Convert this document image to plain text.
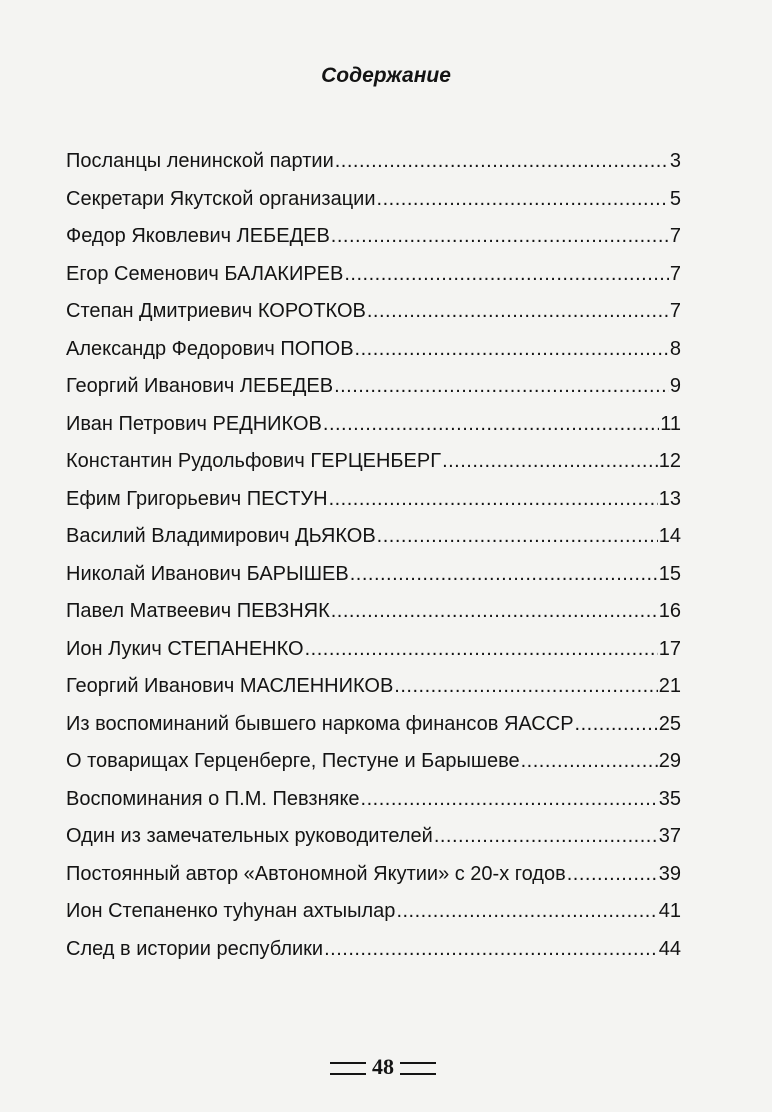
Содержание
Посланцы ленинской партии .....	3
Секретари Якутской организации .....	5
Федор Яковлевич ЛЕБЕДЕВ .....	7
Егор Семенович БАЛАКИРЕВ .....	7
Степан Дмитриевич КОРОТКОВ .....	7
Александр Федорович ПОПОВ .....	8
Георгий Иванович ЛЕБЕДЕВ .....	9
Иван Петрович РЕДНИКОВ .....	11
Константин Рудольфович ГЕРЦЕНБЕРГ .....	12
Ефим Григорьевич ПЕСТУН .....	13
Василий Владимирович ДЬЯКОВ .....	14
Николай Иванович БАРЫШЕВ .....	15
Павел Матвеевич ПЕВЗНЯК .....	16
Ион Лукич СТЕПАНЕНКО .....	17
Георгий Иванович МАСЛЕННИКОВ .....	21
Из воспоминаний бывшего наркома финансов ЯАССР .....	25
О товарищах Герценберге, Пестуне и Барышеве .....	29
Воспоминания о П.М. Певзняке .....	35
Один из замечательных руководителей .....	37
Постоянный автор «Автономной Якутии» с 20-х годов .....	39
Ион Степаненко туһунан ахтыылар .....	41
След в истории республики .....	44
48
